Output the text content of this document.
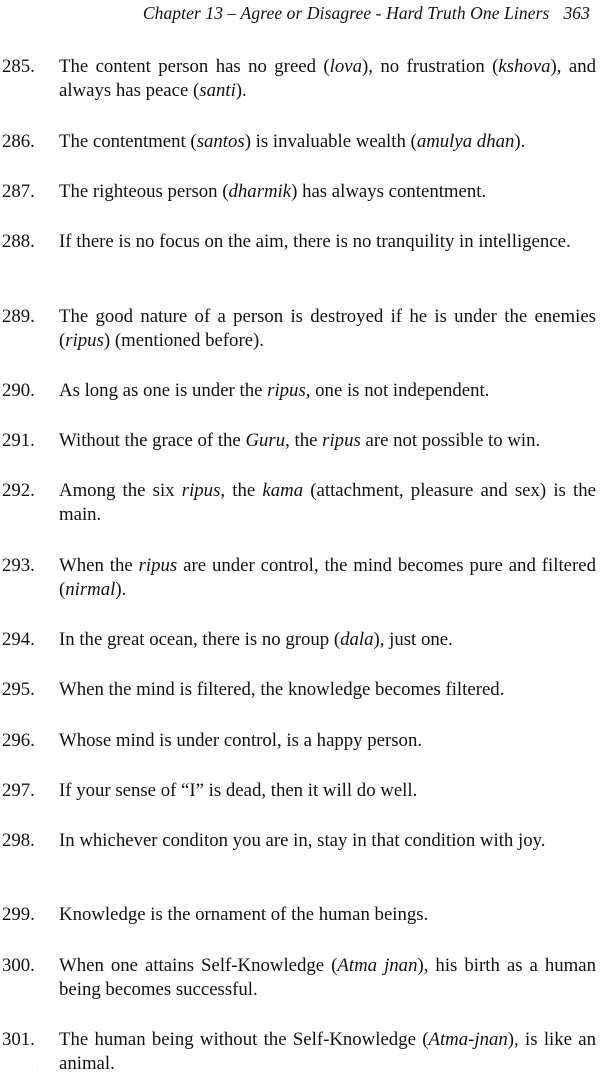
Chapter 13 – Agree or Disagree - Hard Truth One Liners 363
285. The content person has no greed (lova), no frustration (kshova), and always has peace (santi).
286. The contentment (santos) is invaluable wealth (amulya dhan).
287. The righteous person (dharmik) has always contentment.
288. If there is no focus on the aim, there is no tranquility in intelligence.
289. The good nature of a person is destroyed if he is under the enemies (ripus) (mentioned before).
290. As long as one is under the ripus, one is not independent.
291. Without the grace of the Guru, the ripus are not possible to win.
292. Among the six ripus, the kama (attachment, pleasure and sex) is the main.
293. When the ripus are under control, the mind becomes pure and filtered (nirmal).
294. In the great ocean, there is no group (dala), just one.
295. When the mind is filtered, the knowledge becomes filtered.
296. Whose mind is under control, is a happy person.
297. If your sense of “I” is dead, then it will do well.
298. In whichever conditon you are in, stay in that condition with joy.
299. Knowledge is the ornament of the human beings.
300. When one attains Self-Knowledge (Atma jnan), his birth as a human being becomes successful.
301. The human being without the Self-Knowledge (Atma-jnan), is like an animal.
·
